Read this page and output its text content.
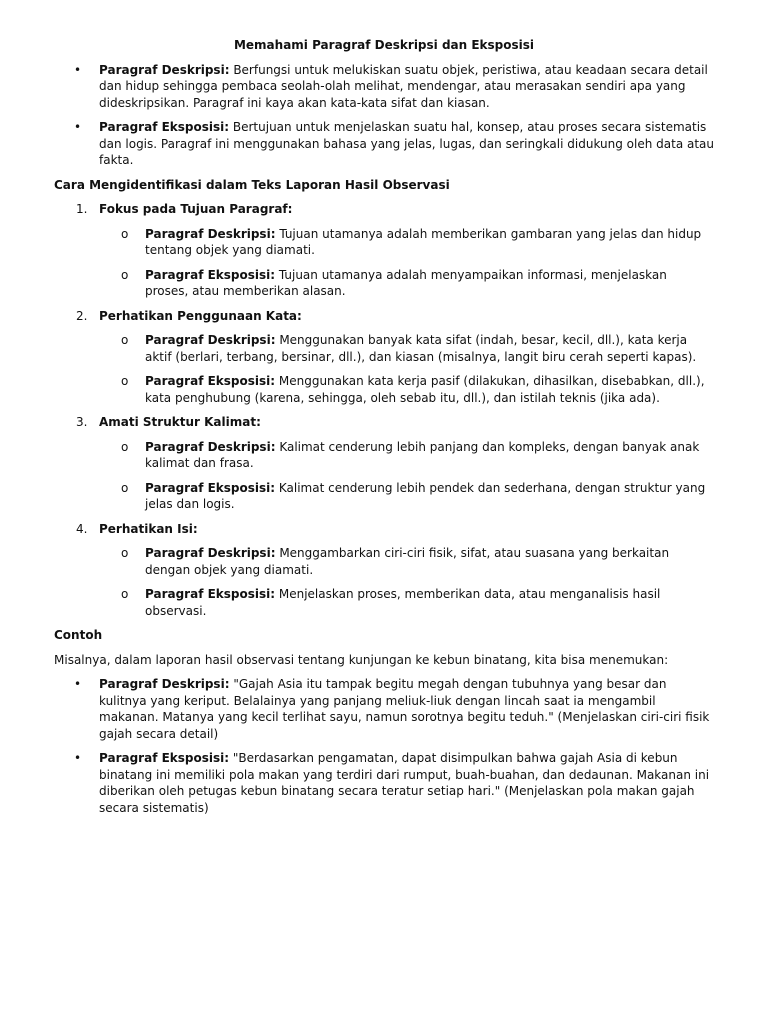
Memahami Paragraf Deskripsi dan Eksposisi
• Paragraf Deskripsi: Berfungsi untuk melukiskan suatu objek, peristiwa, atau keadaan secara detail dan hidup sehingga pembaca seolah-olah melihat, mendengar, atau merasakan sendiri apa yang dideskripsikan. Paragraf ini kaya akan kata-kata sifat dan kiasan.
• Paragraf Eksposisi: Bertujuan untuk menjelaskan suatu hal, konsep, atau proses secara sistematis dan logis. Paragraf ini menggunakan bahasa yang jelas, lugas, dan seringkali didukung oleh data atau fakta.
Cara Mengidentifikasi dalam Teks Laporan Hasil Observasi
1. Fokus pada Tujuan Paragraf:
o Paragraf Deskripsi: Tujuan utamanya adalah memberikan gambaran yang jelas dan hidup tentang objek yang diamati.
o Paragraf Eksposisi: Tujuan utamanya adalah menyampaikan informasi, menjelaskan proses, atau memberikan alasan.
2. Perhatikan Penggunaan Kata:
o Paragraf Deskripsi: Menggunakan banyak kata sifat (indah, besar, kecil, dll.), kata kerja aktif (berlari, terbang, bersinar, dll.), dan kiasan (misalnya, langit biru cerah seperti kapas).
o Paragraf Eksposisi: Menggunakan kata kerja pasif (dilakukan, dihasilkan, disebabkan, dll.), kata penghubung (karena, sehingga, oleh sebab itu, dll.), dan istilah teknis (jika ada).
3. Amati Struktur Kalimat:
o Paragraf Deskripsi: Kalimat cenderung lebih panjang dan kompleks, dengan banyak anak kalimat dan frasa.
o Paragraf Eksposisi: Kalimat cenderung lebih pendek dan sederhana, dengan struktur yang jelas dan logis.
4. Perhatikan Isi:
o Paragraf Deskripsi: Menggambarkan ciri-ciri fisik, sifat, atau suasana yang berkaitan dengan objek yang diamati.
o Paragraf Eksposisi: Menjelaskan proses, memberikan data, atau menganalisis hasil observasi.
Contoh
Misalnya, dalam laporan hasil observasi tentang kunjungan ke kebun binatang, kita bisa menemukan:
• Paragraf Deskripsi: "Gajah Asia itu tampak begitu megah dengan tubuhnya yang besar dan kulitnya yang keriput. Belalainya yang panjang meliuk-liuk dengan lincah saat ia mengambil makanan. Matanya yang kecil terlihat sayu, namun sorotnya begitu teduh." (Menjelaskan ciri-ciri fisik gajah secara detail)
• Paragraf Eksposisi: "Berdasarkan pengamatan, dapat disimpulkan bahwa gajah Asia di kebun binatang ini memiliki pola makan yang terdiri dari rumput, buah-buahan, dan dedaunan. Makanan ini diberikan oleh petugas kebun binatang secara teratur setiap hari." (Menjelaskan pola makan gajah secara sistematis)
